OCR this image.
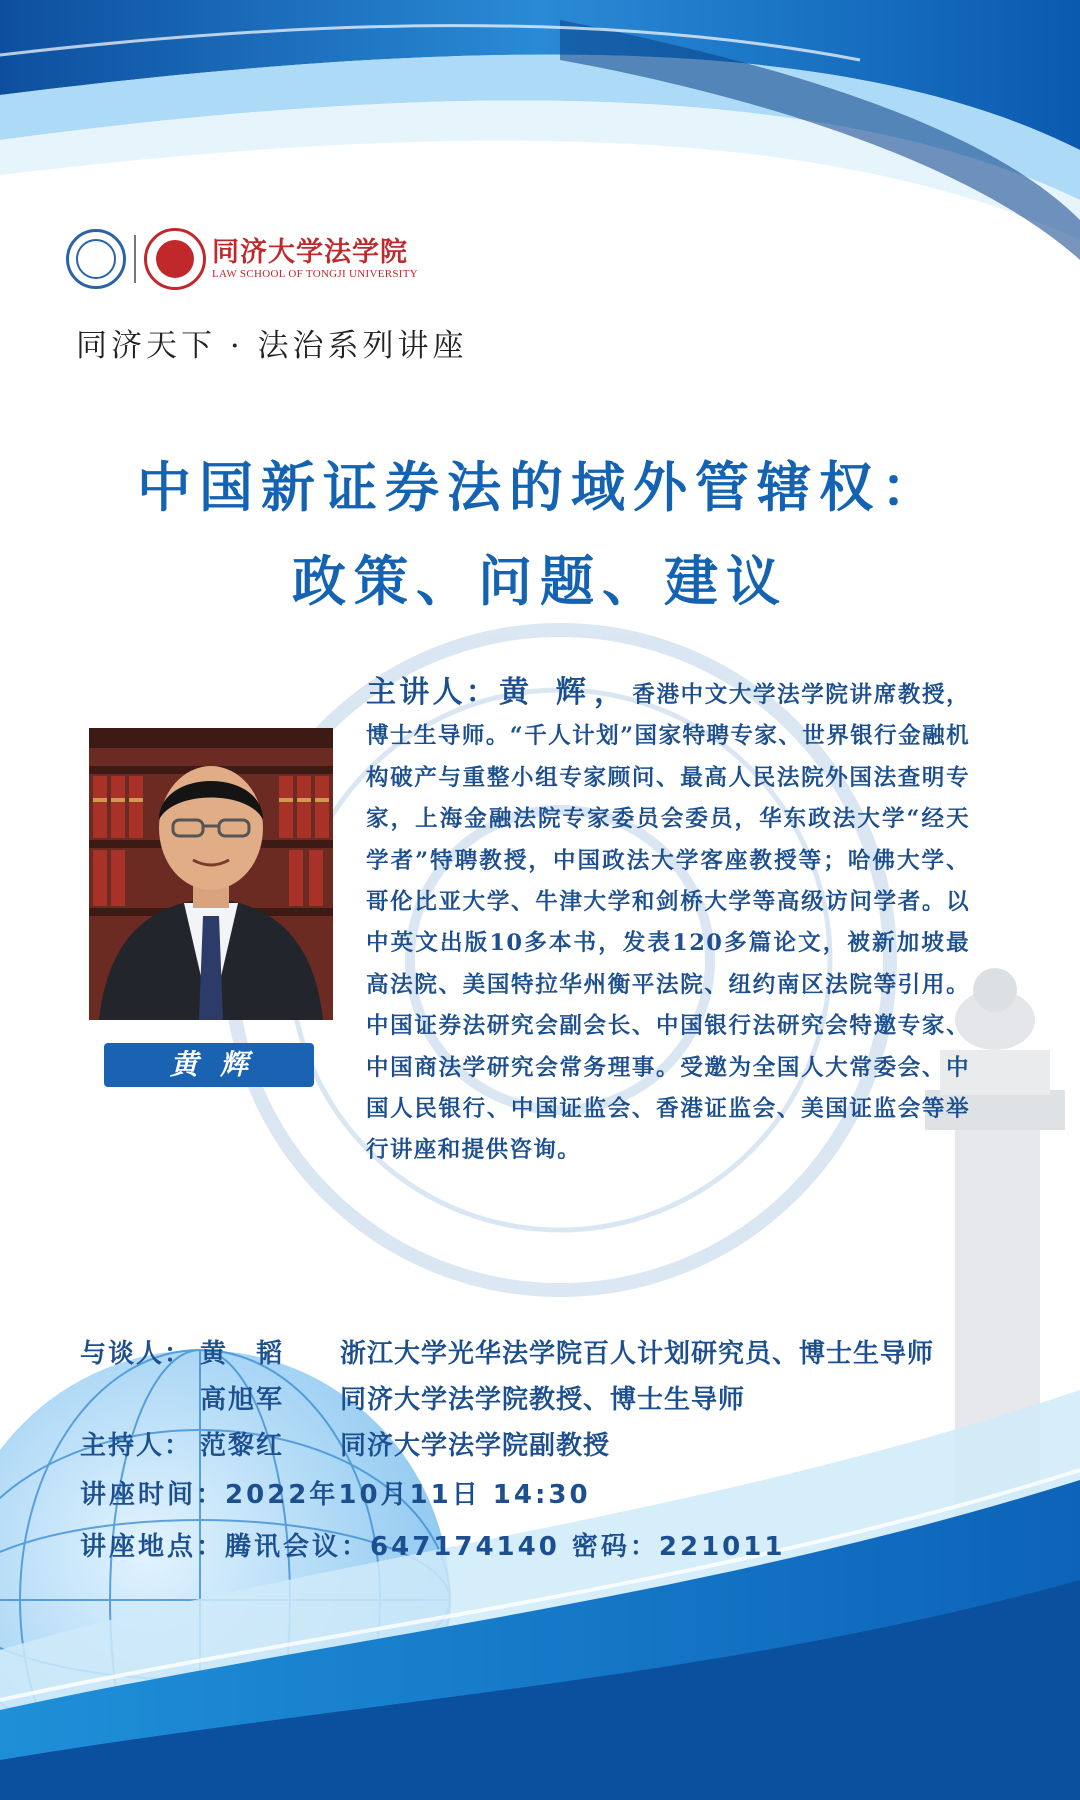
同济大学法学院
LAW SCHOOL OF TONGJI UNIVERSITY
同济天下 · 法治系列讲座
中国新证券法的域外管辖权：
政策、问题、建议
黄辉
主讲人：黄 辉，香港中文大学法学院讲席教授，博士生导师。“千人计划”国家特聘专家、世界银行金融机构破产与重整小组专家顾问、最高人民法院外国法查明专家，上海金融法院专家委员会委员，华东政法大学“经天学者”特聘教授，中国政法大学客座教授等；哈佛大学、哥伦比亚大学、牛津大学和剑桥大学等高级访问学者。以中英文出版10多本书，发表120多篇论文，被新加坡最高法院、美国特拉华州衡平法院、纽约南区法院等引用。中国证券法研究会副会长、中国银行法研究会特邀专家、中国商法学研究会常务理事。受邀为全国人大常委会、中国人民银行、中国证监会、香港证监会、美国证监会等举行讲座和提供咨询。
与谈人： 黄　韬	浙江大学光华法学院百人计划研究员、博士生导师
高旭军	同济大学法学院教授、博士生导师
主持人： 范黎红	同济大学法学院副教授
讲座时间： 2022年10月11日 14:30
讲座地点： 腾讯会议：647174140 密码：221011
